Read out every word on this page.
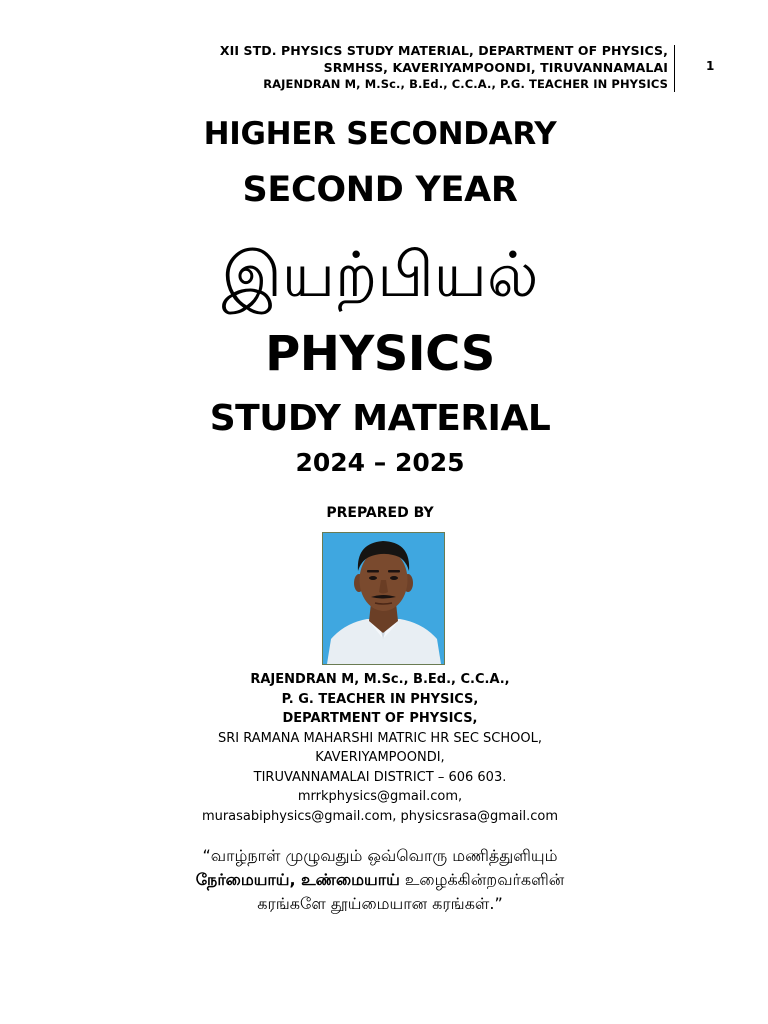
XII STD. PHYSICS STUDY MATERIAL, DEPARTMENT OF PHYSICS,
SRMHSS, KAVERIYAMPOONDI, TIRUVANNAMALAI
RAJENDRAN M, M.Sc., B.Ed., C.C.A., P.G. TEACHER IN PHYSICS
1
HIGHER SECONDARY
SECOND YEAR
இயற்பியல்
PHYSICS
STUDY MATERIAL
2024 – 2025
PREPARED BY
RAJENDRAN M, M.Sc., B.Ed., C.C.A.,
P. G. TEACHER IN PHYSICS,
DEPARTMENT OF PHYSICS,
SRI RAMANA MAHARSHI MATRIC HR SEC SCHOOL,
KAVERIYAMPOONDI,
TIRUVANNAMALAI DISTRICT – 606 603.
mrrkphysics@gmail.com,
murasabiphysics@gmail.com, physicsrasa@gmail.com
“வாழ்நாள் முழுவதும் ஒவ்வொரு மணித்துளியும்
நேர்மையாய், உண்மையாய் உழைக்கின்றவர்களின்
கரங்களே தூய்மையான கரங்கள்.”
